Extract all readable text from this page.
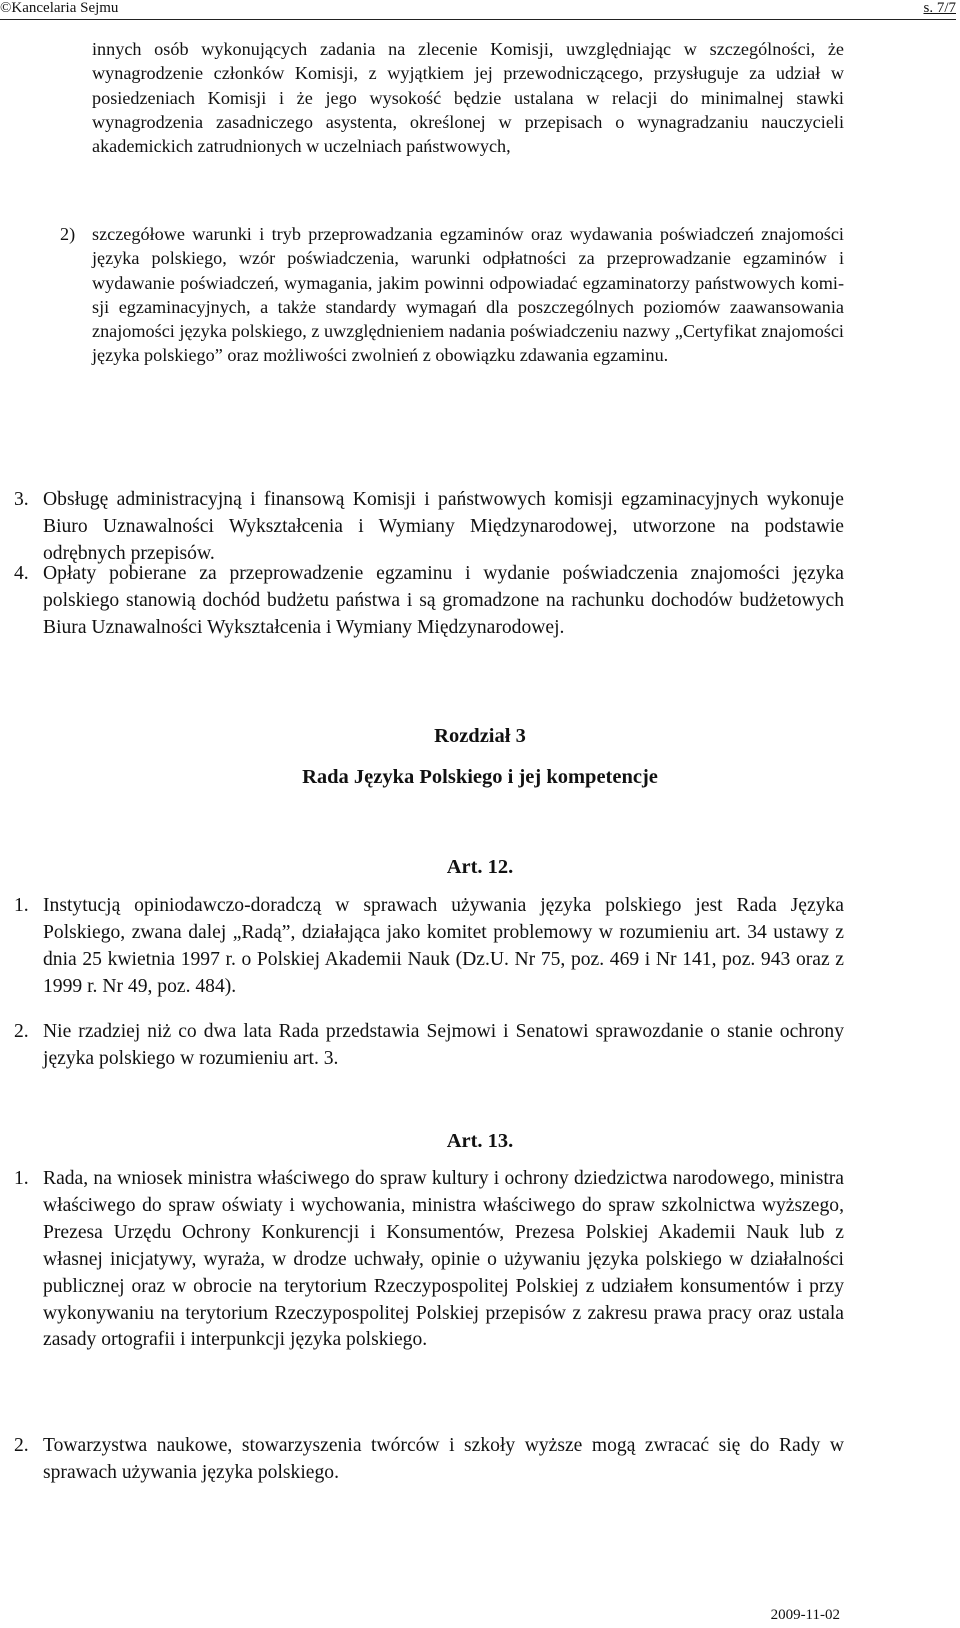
©Kancelaria Sejmu	s. 7/7
innych osób wykonujących zadania na zlecenie Komisji, uwzględniając w szczególności, że wynagrodzenie członków Komisji, z wyjątkiem jej przewodniczącego, przysługuje za udział w posiedzeniach Komisji i że jego wysokość będzie ustalana w relacji do minimalnej stawki wynagrodzenia zasadniczego asystenta, określonej w przepisach o wynagradzaniu nauczycieli akademickich zatrudnionych w uczelniach państwowych,
2) szczegółowe warunki i tryb przeprowadzania egzaminów oraz wydawania poświadczeń znajomości języka polskiego, wzór poświadczenia, warunki odpłatności za przeprowadzanie egzaminów i wydawanie poświadczeń, wymagania, jakim powinni odpowiadać egzaminatorzy państwowych komisji egzaminacyjnych, a także standardy wymagań dla poszczególnych poziomów zaawansowania znajomości języka polskiego, z uwzględnieniem nadania poświadczeniu nazwy „Certyfikat znajomości języka polskiego” oraz możliwości zwolnień z obowiązku zdawania egzaminu.
3. Obsługę administracyjną i finansową Komisji i państwowych komisji egzaminacyjnych wykonuje Biuro Uznawalności Wykształcenia i Wymiany Międzynarodowej, utworzone na podstawie odrębnych przepisów.
4. Opłaty pobierane za przeprowadzenie egzaminu i wydanie poświadczenia znajomości języka polskiego stanowią dochód budżetu państwa i są gromadzone na rachunku dochodów budżetowych Biura Uznawalności Wykształcenia i Wymiany Międzynarodowej.
Rozdział 3
Rada Języka Polskiego i jej kompetencje
Art. 12.
1. Instytucją opiniodawczo-doradczą w sprawach używania języka polskiego jest Rada Języka Polskiego, zwana dalej „Radą”, działająca jako komitet problemowy w rozumieniu art. 34 ustawy z dnia 25 kwietnia 1997 r. o Polskiej Akademii Nauk (Dz.U. Nr 75, poz. 469 i Nr 141, poz. 943 oraz z 1999 r. Nr 49, poz. 484).
2. Nie rzadziej niż co dwa lata Rada przedstawia Sejmowi i Senatowi sprawozdanie o stanie ochrony języka polskiego w rozumieniu art. 3.
Art. 13.
1. Rada, na wniosek ministra właściwego do spraw kultury i ochrony dziedzictwa narodowego, ministra właściwego do spraw oświaty i wychowania, ministra właściwego do spraw szkolnictwa wyższego, Prezesa Urzędu Ochrony Konkurencji i Konsumentów, Prezesa Polskiej Akademii Nauk lub z własnej inicjatywy, wyraża, w drodze uchwały, opinie o używaniu języka polskiego w działalności publicznej oraz w obrocie na terytorium Rzeczypospolitej Polskiej z udziałem konsumentów i przy wykonywaniu na terytorium Rzeczypospolitej Polskiej przepisów z zakresu prawa pracy oraz ustala zasady ortografii i interpunkcji języka polskiego.
2. Towarzystwa naukowe, stowarzyszenia twórców i szkoły wyższe mogą zwracać się do Rady w sprawach używania języka polskiego.
2009-11-02
